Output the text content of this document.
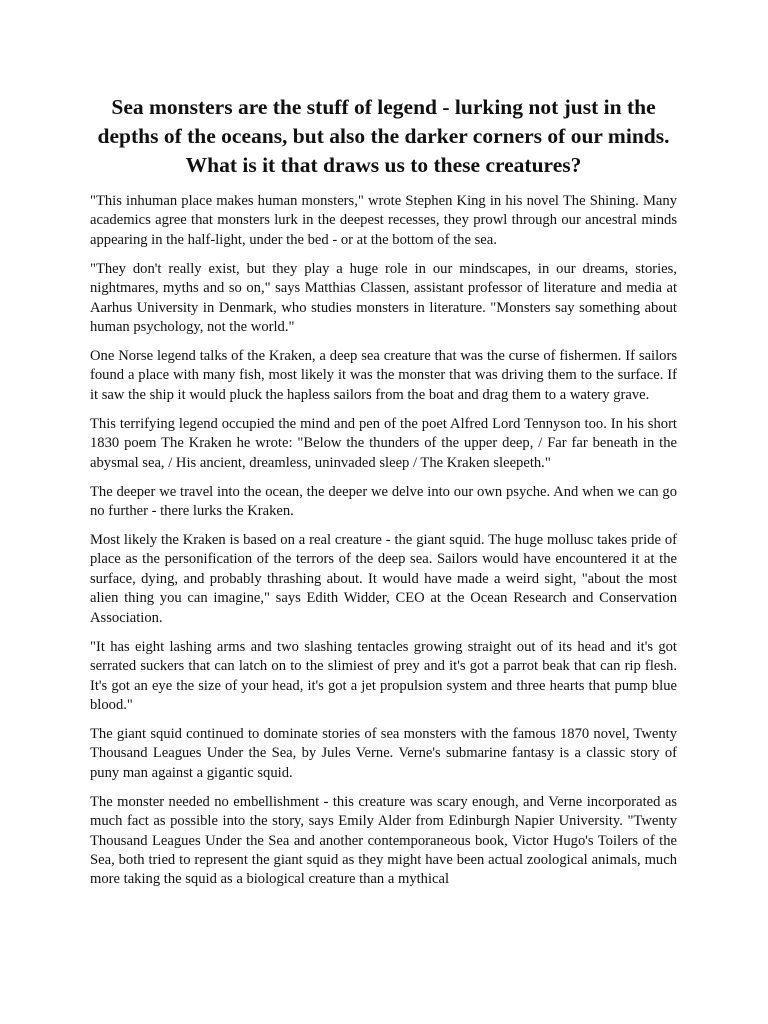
Sea monsters are the stuff of legend - lurking not just in the depths of the oceans, but also the darker corners of our minds. What is it that draws us to these creatures?

"This inhuman place makes human monsters," wrote Stephen King in his novel The Shining. Many academics agree that monsters lurk in the deepest recesses, they prowl through our ancestral minds appearing in the half-light, under the bed - or at the bottom of the sea.

"They don't really exist, but they play a huge role in our mindscapes, in our dreams, stories, nightmares, myths and so on," says Matthias Classen, assistant professor of literature and media at Aarhus University in Denmark, who studies monsters in literature. "Monsters say something about human psychology, not the world."

One Norse legend talks of the Kraken, a deep sea creature that was the curse of fishermen. If sailors found a place with many fish, most likely it was the monster that was driving them to the surface. If it saw the ship it would pluck the hapless sailors from the boat and drag them to a watery grave.

This terrifying legend occupied the mind and pen of the poet Alfred Lord Tennyson too. In his short 1830 poem The Kraken he wrote: "Below the thunders of the upper deep, / Far far beneath in the abysmal sea, / His ancient, dreamless, uninvaded sleep / The Kraken sleepeth."

The deeper we travel into the ocean, the deeper we delve into our own psyche. And when we can go no further - there lurks the Kraken.

Most likely the Kraken is based on a real creature - the giant squid. The huge mollusc takes pride of place as the personification of the terrors of the deep sea. Sailors would have encountered it at the surface, dying, and probably thrashing about. It would have made a weird sight, "about the most alien thing you can imagine," says Edith Widder, CEO at the Ocean Research and Conservation Association.

"It has eight lashing arms and two slashing tentacles growing straight out of its head and it's got serrated suckers that can latch on to the slimiest of prey and it's got a parrot beak that can rip flesh. It's got an eye the size of your head, it's got a jet propulsion system and three hearts that pump blue blood."

The giant squid continued to dominate stories of sea monsters with the famous 1870 novel, Twenty Thousand Leagues Under the Sea, by Jules Verne. Verne's submarine fantasy is a classic story of puny man against a gigantic squid.

The monster needed no embellishment - this creature was scary enough, and Verne incorporated as much fact as possible into the story, says Emily Alder from Edinburgh Napier University. "Twenty Thousand Leagues Under the Sea and another contemporaneous book, Victor Hugo's Toilers of the Sea, both tried to represent the giant squid as they might have been actual zoological animals, much more taking the squid as a biological creature than a mythical
